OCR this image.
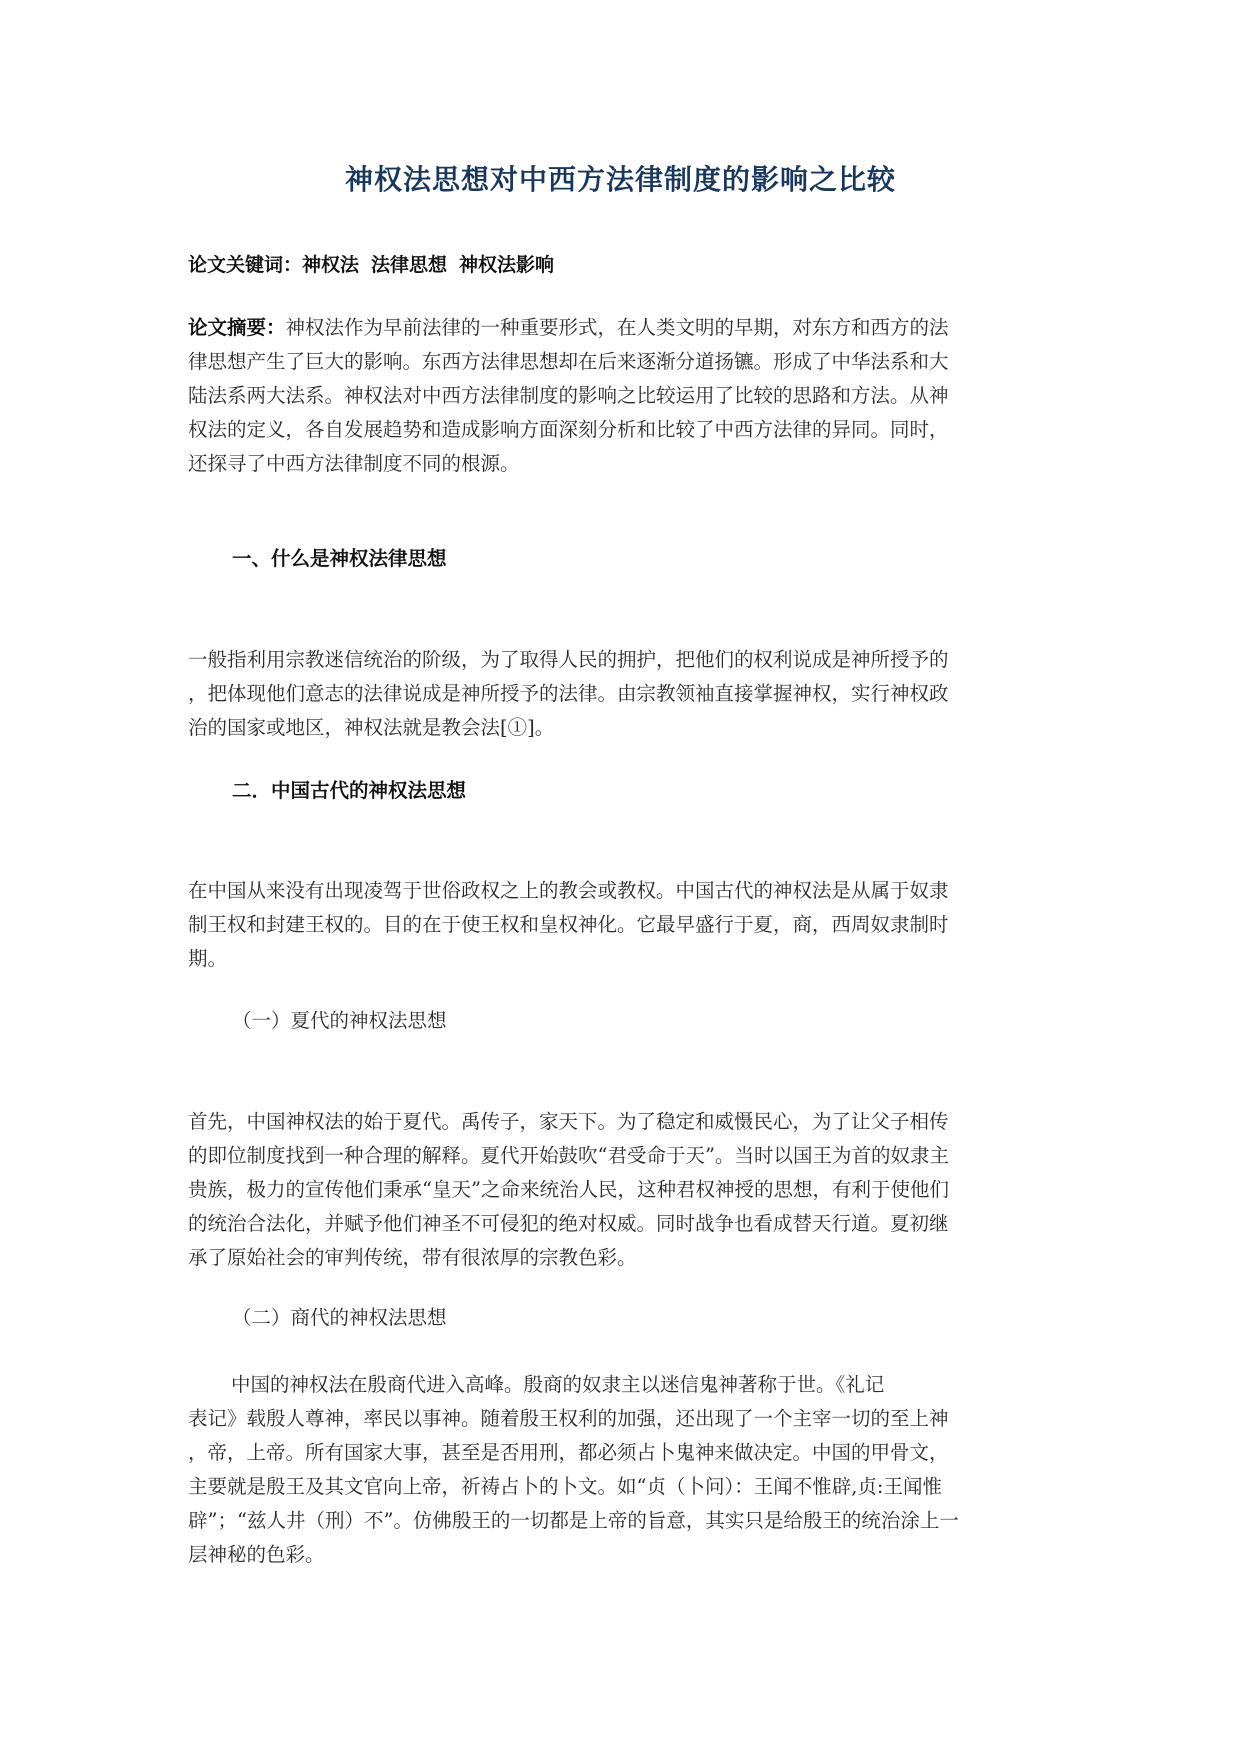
神权法思想对中西方法律制度的影响之比较
论文关键词：神权法 法律思想 神权法影响
论文摘要：神权法作为早前法律的一种重要形式，在人类文明的早期，对东方和西方的法
律思想产生了巨大的影响。东西方法律思想却在后来逐渐分道扬镳。形成了中华法系和大
陆法系两大法系。神权法对中西方法律制度的影响之比较运用了比较的思路和方法。从神
权法的定义，各自发展趋势和造成影响方面深刻分析和比较了中西方法律的异同。同时，
还探寻了中西方法律制度不同的根源。
一、什么是神权法律思想
一般指利用宗教迷信统治的阶级，为了取得人民的拥护，把他们的权利说成是神所授予的
，把体现他们意志的法律说成是神所授予的法律。由宗教领袖直接掌握神权，实行神权政
治的国家或地区，神权法就是教会法[①]。
二．中国古代的神权法思想
在中国从来没有出现凌驾于世俗政权之上的教会或教权。中国古代的神权法是从属于奴隶
制王权和封建王权的。目的在于使王权和皇权神化。它最早盛行于夏，商，西周奴隶制时
期。
（一）夏代的神权法思想
首先，中国神权法的始于夏代。禹传子，家天下。为了稳定和威慑民心，为了让父子相传
的即位制度找到一种合理的解释。夏代开始鼓吹“君受命于天”。当时以国王为首的奴隶主
贵族，极力的宣传他们秉承“皇天”之命来统治人民，这种君权神授的思想，有利于使他们
的统治合法化，并赋予他们神圣不可侵犯的绝对权威。同时战争也看成替天行道。夏初继
承了原始社会的审判传统，带有很浓厚的宗教色彩。
（二）商代的神权法思想
中国的神权法在殷商代进入高峰。殷商的奴隶主以迷信鬼神著称于世。《礼记
表记》载殷人尊神，率民以事神。随着殷王权利的加强，还出现了一个主宰一切的至上神
，帝，上帝。所有国家大事，甚至是否用刑，都必须占卜鬼神来做决定。中国的甲骨文，
主要就是殷王及其文官向上帝，祈祷占卜的卜文。如“贞（卜问）：王闻不惟辟,贞:王闻惟
辟”；“兹人井（刑）不”。仿佛殷王的一切都是上帝的旨意，其实只是给殷王的统治涂上一
层神秘的色彩。
